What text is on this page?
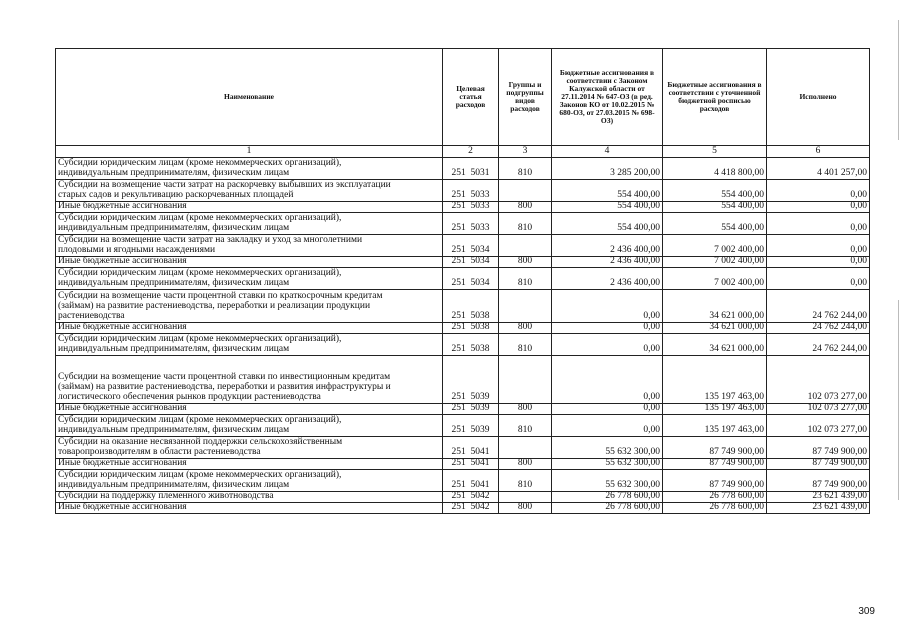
Наименование	Целевая статья расходов	Группы и подгруппы видов расходов	Бюджетные ассигнования в соответствии с Законом Калужской области от 27.11.2014 № 647-ОЗ (в ред. Законов КО от 10.02.2015 № 680-ОЗ, от 27.03.2015 № 698-ОЗ)	Бюджетные ассигнования в соответствии с уточненной бюджетной росписью расходов	Исполнено
1	2	3	4	5	6
Субсидии юридическим лицам (кроме некоммерческих организаций),
индивидуальным предпринимателям, физическим лицам	251  5031	810	3 285 200,00	4 418 800,00	4 401 257,00
Субсидии на возмещение части затрат на раскорчевку выбывших из эксплуатации
старых садов и рекультивацию раскорчеванных площадей	251  5033		554 400,00	554 400,00	0,00
Иные бюджетные ассигнования	251  5033	800	554 400,00	554 400,00	0,00
Субсидии юридическим лицам (кроме некоммерческих организаций),
индивидуальным предпринимателям, физическим лицам	251  5033	810	554 400,00	554 400,00	0,00
Субсидии на возмещение части затрат на закладку и уход за многолетними
плодовыми и ягодными насаждениями	251  5034		2 436 400,00	7 002 400,00	0,00
Иные бюджетные ассигнования	251  5034	800	2 436 400,00	7 002 400,00	0,00
Субсидии юридическим лицам (кроме некоммерческих организаций),
индивидуальным предпринимателям, физическим лицам	251  5034	810	2 436 400,00	7 002 400,00	0,00
Субсидии на возмещение части процентной ставки по краткосрочным кредитам
(займам) на развитие растениеводства, переработки и реализации продукции
растениеводства	251  5038		0,00	34 621 000,00	24 762 244,00
Иные бюджетные ассигнования	251  5038	800	0,00	34 621 000,00	24 762 244,00
Субсидии юридическим лицам (кроме некоммерческих организаций),
индивидуальным предпринимателям, физическим лицам	251  5038	810	0,00	34 621 000,00	24 762 244,00
Субсидии на возмещение части процентной ставки по инвестиционным кредитам
(займам) на развитие растениеводства, переработки и развития инфраструктуры и
логистического обеспечения рынков продукции растениеводства	251  5039		0,00	135 197 463,00	102 073 277,00
Иные бюджетные ассигнования	251  5039	800	0,00	135 197 463,00	102 073 277,00
Субсидии юридическим лицам (кроме некоммерческих организаций),
индивидуальным предпринимателям, физическим лицам	251  5039	810	0,00	135 197 463,00	102 073 277,00
Субсидии на оказание несвязанной поддержки сельскохозяйственным
товаропроизводителям в области растениеводства	251  5041		55 632 300,00	87 749 900,00	87 749 900,00
Иные бюджетные ассигнования	251  5041	800	55 632 300,00	87 749 900,00	87 749 900,00
Субсидии юридическим лицам (кроме некоммерческих организаций),
индивидуальным предпринимателям, физическим лицам	251  5041	810	55 632 300,00	87 749 900,00	87 749 900,00
Субсидии на поддержку племенного животноводства	251  5042		26 778 600,00	26 778 600,00	23 621 439,00
Иные бюджетные ассигнования	251  5042	800	26 778 600,00	26 778 600,00	23 621 439,00
309
